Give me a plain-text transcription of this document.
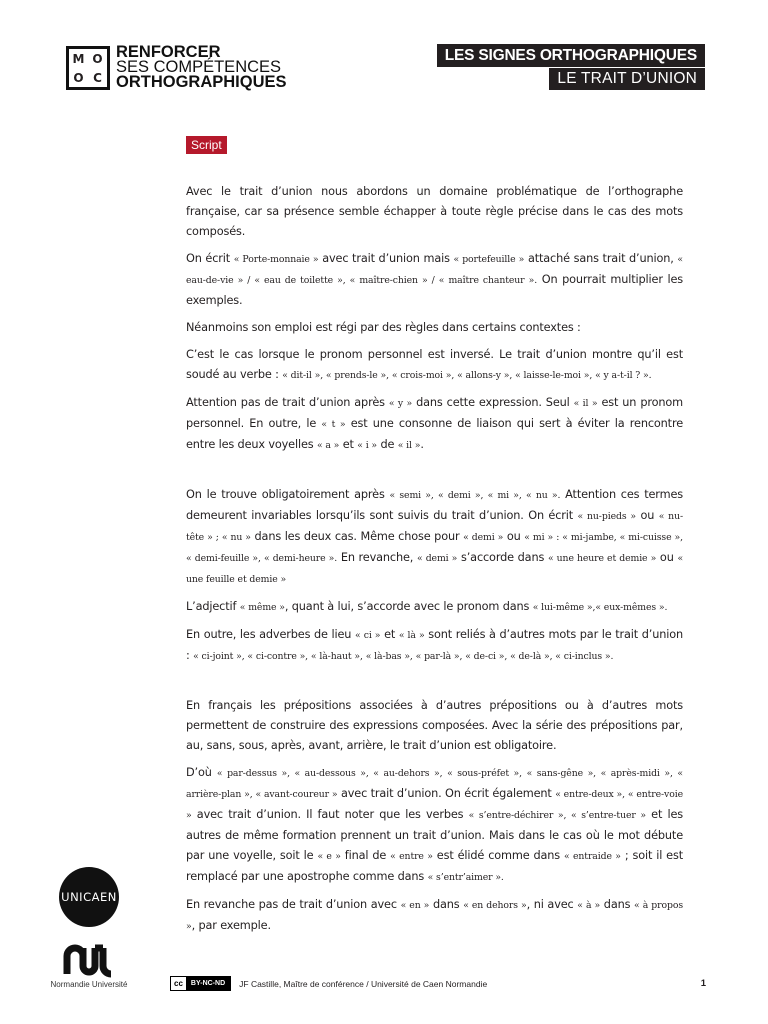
M O
O C
RENFORCER
SES COMPÉTENCES
ORTHOGRAPHIQUES
LES SIGNES ORTHOGRAPHIQUES
LE TRAIT D’UNION
Script

Avec le trait d’union nous abordons un domaine problématique de l’orthographe française, car sa présence semble échapper à toute règle précise dans le cas des mots composés.

On écrit « Porte-monnaie » avec trait d’union mais « portefeuille » attaché sans trait d’union, « eau-de-vie » / « eau de toilette », « maître-chien » / « maître chanteur ». On pourrait multiplier les exemples.

Néanmoins son emploi est régi par des règles dans certains contextes :

C’est le cas lorsque le pronom personnel est inversé. Le trait d’union montre qu’il est soudé au verbe : « dit-il », « prends-le », « crois-moi », « allons-y », « laisse-le-moi », « y a-t-il ? ».

Attention pas de trait d’union après « y » dans cette expression. Seul « il » est un pronom personnel. En outre, le « t » est une consonne de liaison qui sert à éviter la rencontre entre les deux voyelles « a » et « i » de « il ».

On le trouve obligatoirement après « semi », « demi », « mi », « nu ». Attention ces termes demeurent invariables lorsqu’ils sont suivis du trait d’union. On écrit « nu-pieds » ou « nu-tête » ; « nu » dans les deux cas. Même chose pour « demi » ou « mi » : « mi-jambe, « mi-cuisse », « demi-feuille », « demi-heure ». En revanche, « demi » s’accorde dans « une heure et demie » ou « une feuille et demie »

L’adjectif « même », quant à lui, s’accorde avec le pronom dans « lui-même »,« eux-mêmes ».

En outre, les adverbes de lieu « ci » et « là » sont reliés à d’autres mots par le trait d’union : « ci-joint », « ci-contre », « là-haut », « là-bas », « par-là », « de-ci », « de-là », « ci-inclus ».

En français les prépositions associées à d’autres prépositions ou à d’autres mots permettent de construire des expressions composées. Avec la série des prépositions par, au, sans, sous, après, avant, arrière, le trait d’union est obligatoire.

D’où « par-dessus », « au-dessous », « au-dehors », « sous-préfet », « sans-gêne », « après-midi », « arrière-plan », « avant-coureur » avec trait d’union. On écrit également « entre-deux », « entre-voie » avec trait d’union. Il faut noter que les verbes « s’entre-déchirer », « s’entre-tuer » et les autres de même formation prennent un trait d’union. Mais dans le cas où le mot débute par une voyelle, soit le « e » final de « entre » est élidé comme dans « entraide » ; soit il est remplacé par une apostrophe comme dans « s’entr’aimer ».

En revanche pas de trait d’union avec « en » dans « en dehors », ni avec « à » dans « à propos », par exemple.

UNICAEN
Normandie Université	cc	BY-NC-ND	JF Castille, Maître de conférence / Université de Caen Normandie	1
